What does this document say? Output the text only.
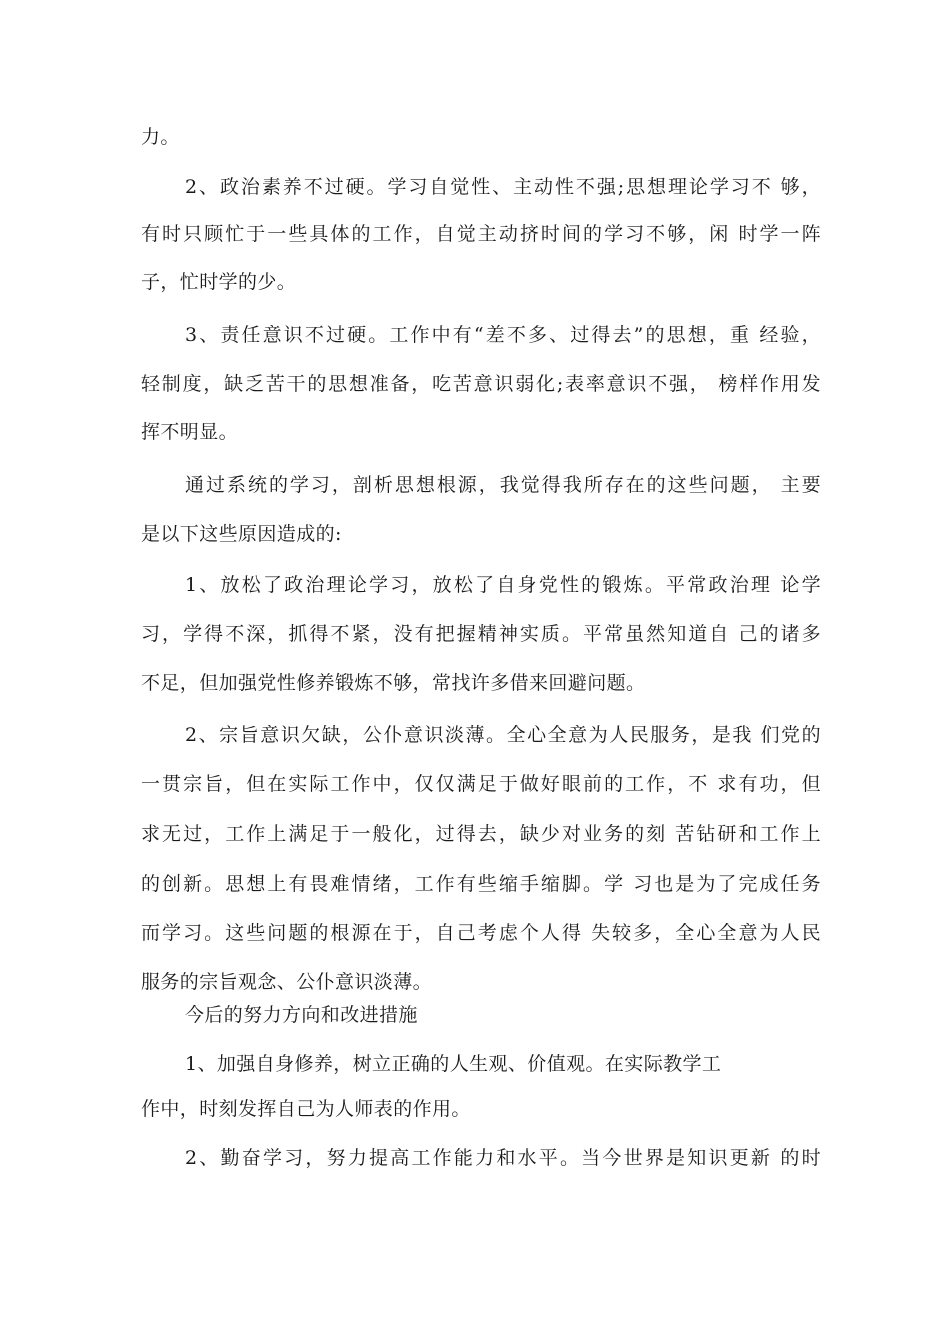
力。
2、政治素养不过硬。学习自觉性、主动性不强;思想理论学习不 够，
有时只顾忙于一些具体的工作，自觉主动挤时间的学习不够，闲 时学一阵
子，忙时学的少。
3、责任意识不过硬。工作中有“差不多、过得去”的思想，重 经验，
轻制度，缺乏苦干的思想准备，吃苦意识弱化;表率意识不强， 榜样作用发
挥不明显。
通过系统的学习，剖析思想根源，我觉得我所存在的这些问题， 主要
是以下这些原因造成的:
1、放松了政治理论学习，放松了自身党性的锻炼。平常政治理 论学
习，学得不深，抓得不紧，没有把握精神实质。平常虽然知道自 己的诸多
不足，但加强党性修养锻炼不够，常找许多借来回避问题。
2、宗旨意识欠缺，公仆意识淡薄。全心全意为人民服务，是我 们党的
一贯宗旨，但在实际工作中，仅仅满足于做好眼前的工作，不 求有功，但
求无过，工作上满足于一般化，过得去，缺少对业务的刻 苦钻研和工作上
的创新。思想上有畏难情绪，工作有些缩手缩脚。学 习也是为了完成任务
而学习。这些问题的根源在于，自己考虑个人得 失较多，全心全意为人民
服务的宗旨观念、公仆意识淡薄。
今后的努力方向和改进措施
1、加强自身修养，树立正确的人生观、价值观。在实际教学工
作中，时刻发挥自己为人师表的作用。
2、勤奋学习，努力提高工作能力和水平。当今世界是知识更新 的时
